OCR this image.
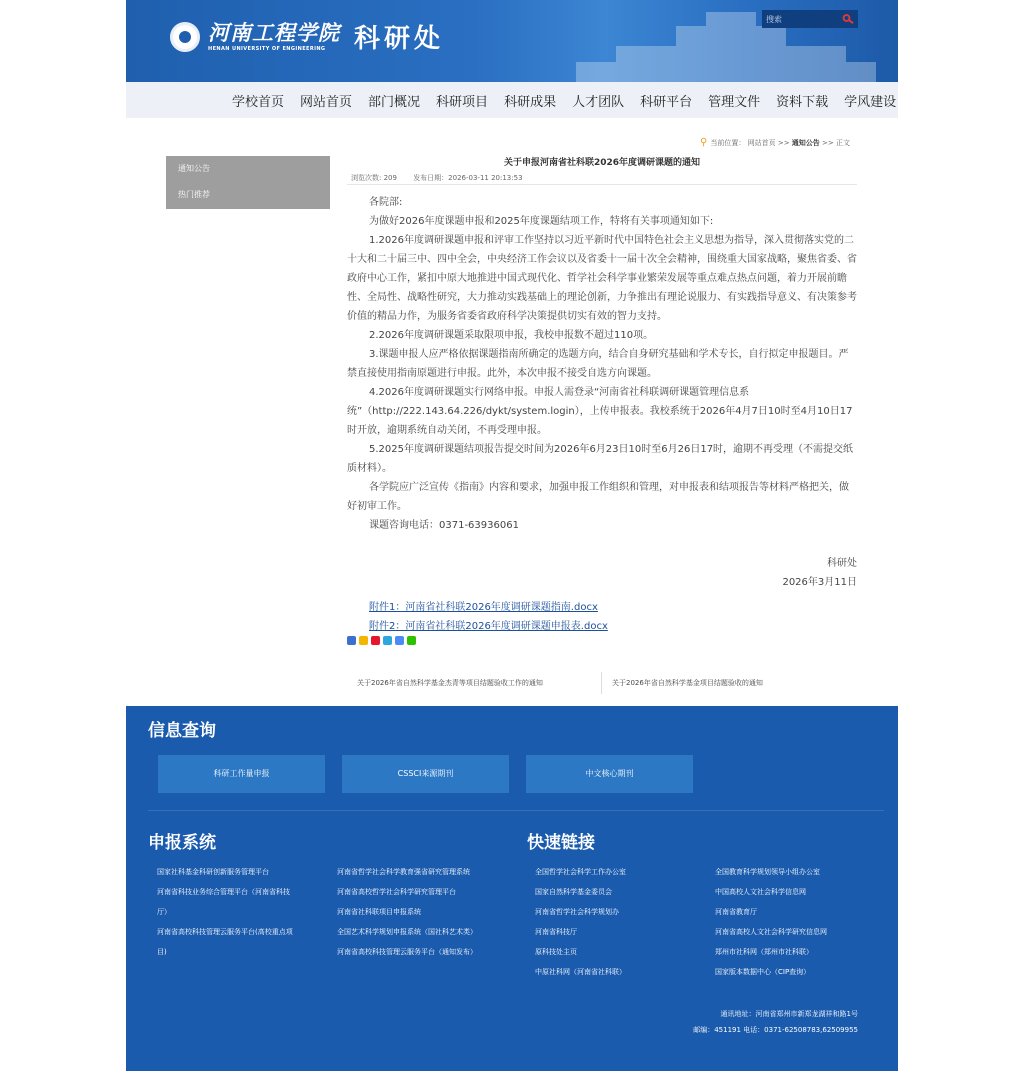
河南工程学院
HENAN UNIVERSITY OF ENGINEERING	科研处
搜索
学校首页 网站首页 部门概况 科研项目 科研成果 人才团队 科研平台 管理文件 资料下载 学风建设
⚲ 当前位置：
网站首页
>>
通知公告
>>
正文
通知公告
热门推荐
关于申报河南省社科联2026年度调研课题的通知
浏览次数: 209 发布日期：2026-03-11 20:13:53

各院部:

为做好2026年度课题申报和2025年度课题结项工作，特将有关事项通知如下:

1.2026年度调研课题申报和评审工作坚持以习近平新时代中国特色社会主义思想为指导，深入贯彻落实党的二十大和二十届三中、四中全会，中央经济工作会议以及省委十一届十次全会精神，围绕重大国家战略，聚焦省委、省政府中心工作，紧扣中原大地推进中国式现代化、哲学社会科学事业繁荣发展等重点难点热点问题，着力开展前瞻性、全局性、战略性研究，大力推动实践基础上的理论创新，力争推出有理论说服力、有实践指导意义、有决策参考价值的精品力作，为服务省委省政府科学决策提供切实有效的智力支持。

2.2026年度调研课题采取限项申报，我校申报数不超过110项。

3.课题申报人应严格依据课题指南所确定的选题方向，结合自身研究基础和学术专长，自行拟定申报题目。严禁直接使用指南原题进行申报。此外，本次申报不接受自选方向课题。

4.2026年度调研课题实行网络申报。申报人需登录“河南省社科联调研课题管理信息系统”（http://222.143.64.226/dykt/system.login），上传申报表。我校系统于2026年4月7日10时至4月10日17时开放，逾期系统自动关闭，不再受理申报。

5.2025年度调研课题结项报告提交时间为2026年6月23日10时至6月26日17时，逾期不再受理（不需提交纸质材料）。

各学院应广泛宣传《指南》内容和要求，加强申报工作组织和管理，对申报表和结项报告等材料严格把关，做好初审工作。

课题咨询电话：0371-63936061

科研处
2026年3月11日
附件1：河南省社科联2026年度调研课题指南.docx
附件2：河南省社科联2026年度调研课题申报表.docx
关于2026年省自然科学基金杰青等项目结题验收工作的通知	关于2026年省自然科学基金项目结题验收的通知
信息查询
科研工作量申报	CSSCI来源期刊	中文核心期刊
申报系统
国家社科基金科研创新服务管理平台
河南省科技业务综合管理平台（河南省科技
厅）
河南省高校科技管理云服务平台(高校重点项
目)
河南省哲学社会科学教育强省研究管理系统
河南省高校哲学社会科学研究管理平台
河南省社科联项目申报系统
全国艺术科学规划申报系统（国社科艺术类）
河南省高校科技管理云服务平台（通知发布）
快速链接
全国哲学社会科学工作办公室
国家自然科学基金委员会
河南省哲学社会科学规划办
河南省科技厅
原科技处主页
中原社科网（河南省社科联）
全国教育科学规划领导小组办公室
中国高校人文社会科学信息网
河南省教育厅
河南省高校人文社会科学研究信息网
郑州市社科网（郑州市社科联）
国家版本数据中心（CIP查询）
通讯地址：河南省郑州市新郑龙湖祥和路1号
邮编：451191 电话：0371-62508783,62509955
